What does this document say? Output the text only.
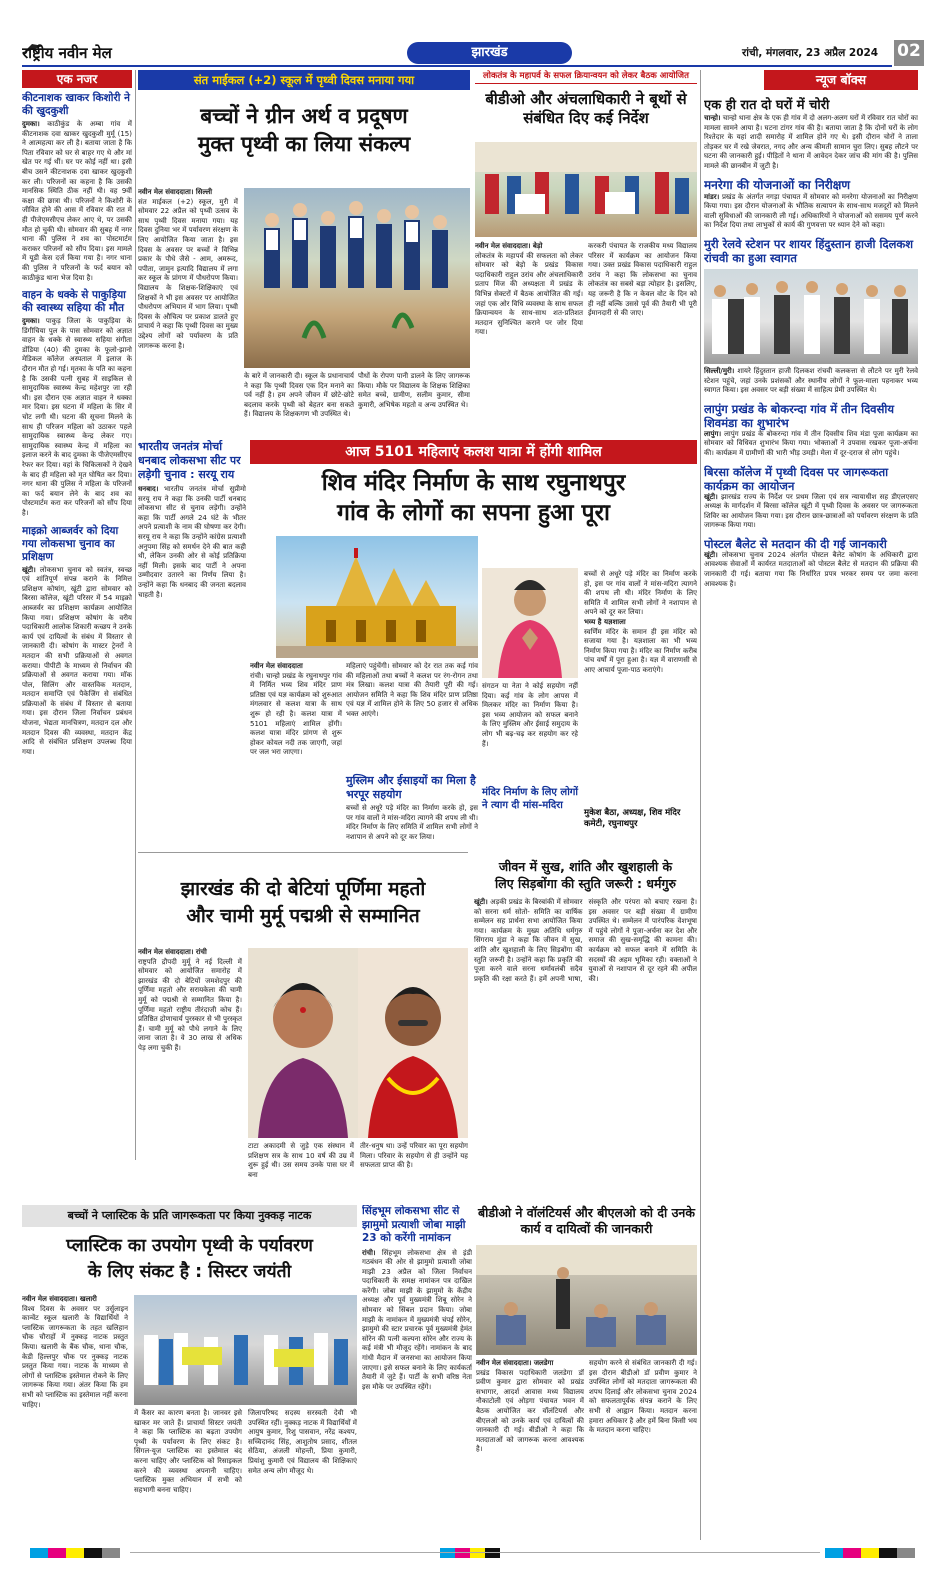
राष्ट्रीय नवीन मेल	झारखंड	रांची, मंगलवार, 23 अप्रैल 2024 02
एक नजर
कीटनाशक खाकर किशोरी ने की खुदकुशी
दुमका। काठीकुंड के अम्बा गांव में कीटनाशक दवा खाकर खुदकुशी मुर्मू (15) ने आत्महत्या कर ली है। बताया जाता है कि पिता रविवार को घर से बाहर गए थे और मां खेत पर गई थीं। घर पर कोई नहीं था। इसी बीच उसने कीटनाशक दवा खाकर खुदकुशी कर ली। परिजनों का कहना है कि उसकी मानसिक स्थिति ठीक नहीं थी। वह 9वीं कक्षा की छात्रा थी। परिजनों ने किशोरी के जीवित होने की आस में रविवार की रात में ही पीजेएमसीएच लेकर आए थे, पर उसकी मौत हो चुकी थी। सोमवार की सुबह में नगर थाना की पुलिस ने शव का पोस्टमार्टम कराकर परिजनों को सौंप दिया। इस मामले में यूडी केस दर्ज किया गया है। नगर थाना की पुलिस ने परिजनों के फर्द बयान को काठीकुंड थाना भेज दिया है।
वाहन के धक्के से पाकुड़िया की स्वास्थ्य सहिया की मौत
दुमका। पाकुड़ जिला के पाकुड़िया के डिंगीचिया पुल के पास सोमवार को अज्ञात वाहन के धक्के से स्वास्थ्य सहिया संगीता डोंडिया (40) की दुमका के फूलो-झानो मेडिकल कॉलेज अस्पताल में इलाज के दौरान मौत हो गई। मृतका के पति का कहना है कि उसकी पत्नी सुबह में साइकिल से सामुदायिक स्वास्थ्य केन्द्र महेशपुर जा रही थी। इस दौरान एक अज्ञात वाहन ने धक्का मार दिया। इस घटना में महिला के सिर में चोट लगी थी। घटना की सूचना मिलने के साथ ही परिजन महिला को उठाकर पहले सामुदायिक स्वास्थ्य केन्द्र लेकर गए। सामुदायिक स्वास्थ्य केन्द्र में महिला का इलाज करने के बाद दुमका के पीजेएमसीएच रेफर कर दिया। वहां के चिकित्सकों ने देखने के बाद ही महिला को मृत घोषित कर दिया। नगर थाना की पुलिस ने महिला के परिजनों का फर्द बयान लेने के बाद शव का पोस्टमार्टम करा कर परिजनों को सौंप दिया है।
माइक्रो आब्जर्वर को दिया गया लोकसभा चुनाव का प्रशिक्षण
खूंटी। लोकसभा चुनाव को स्वतंत्र, स्वच्छ एवं शांतिपूर्ण संपन्न कराने के निमित्त प्रशिक्षण कोषांग, खूंटी द्वारा सोमवार को बिरसा कॉलेज, खूंटी परिसर में 54 माइक्रो आब्जर्वर का प्रशिक्षण कार्यक्रम आयोजित किया गया। प्रशिक्षण कोषांग के वरीय पदाधिकारी आलोक शिकारी कच्छप ने उनके कार्य एवं दायित्वों के संबंध में विस्तार से जानकारी दी। कोषांग के मास्टर ट्रेनरों ने मतदान की सभी प्रक्रियाओं से अवगत कराया। पीपीटी के माध्यम से निर्वाचन की प्रक्रियाओं से अवगत कराया गया। मॉक पोल, सिलिंग और वास्तविक मतदान, मतदान समाप्ति एवं पैकेजिंग से संबंधित प्रक्रियाओं के संबंध में विस्तार से बताया गया। इस दौरान जिला निर्वाचन प्रबंधन योजना, भेद्यता मानचित्रण, मतदान दल और मतदान दिवस की व्यवस्था, मतदान केंद्र आदि से संबंधित प्रशिक्षण उपलब्ध दिया गया।
संत माईकल (+2) स्कूल में पृथ्वी दिवस मनाया गया
बच्चों ने ग्रीन अर्थ व प्रदूषण
मुक्त पृथ्वी का लिया संकल्प
नवीन मेल संवाददाता। सिल्ली
संत माईकल (+2) स्कूल, मुरी में सोमवार 22 अप्रैल को पृथ्वी उत्सव के साथ पृथ्वी दिवस मनाया गया। यह दिवस दुनिया भर में पर्यावरण संरक्षण के लिए आयोजित किया जाता है। इस दिवस के अवसर पर बच्चों ने विभिन्न प्रकार के पौधे जैसे - आम, अमरूद, पपीता, जामुन इत्यादि विद्यालय में लगा कर स्कूल के प्रांगण में पौधरोपण किया। विद्यालय के शिक्षक-शिक्षिकाएं एवं शिक्षकों ने भी इस अवसर पर आयोजित पौधरोपण अभियान में भाग लिया। पृथ्वी दिवस के औचित्य पर प्रकाश डालते हुए प्राचार्य ने कहा कि पृथ्वी दिवस का मुख्य उद्देश्य लोगों को पर्यावरण के प्रति जागरूक करना है।
के बारे में जानकारी दी। स्कूल के प्रधानाचार्य ने कहा कि पृथ्वी दिवस एक दिन मनाने का पर्व नहीं है। हम अपने जीवन में छोटे-छोटे बदलाव करके पृथ्वी को बेहतर बना सकते हैं। विद्यालय के शिक्षकगण भी उपस्थित थे।
पौधों के रोपण पानी डालने के लिए जागरूक किया। मौके पर विद्यालय के शिक्षक शिक्षिका समेत बच्चे, ग्रामीण, सलीम कुमार, सीमा कुमारी, अभिषेक महतो व अन्य उपस्थित थे।
लोकतंत्र के महापर्व के सफल क्रियान्वयन को लेकर बैठक आयोजित
बीडीओ और अंचलाधिकारी ने बूथों से संबंधित दिए कई निर्देश
नवीन मेल संवाददाता। बेड़ो
लोकतंत्र के महापर्व की सफलता को लेकर सोमवार को बेड़ो के प्रखंड विकास पदाधिकारी राहुल उरांव और अंचलाधिकारी प्रताप मिंज की अध्यक्षता में प्रखंड के विभिन्न सेक्टरों में बैठक आयोजित की गई। जहां एक ओर विधि व्यवस्था के साथ सफल क्रियान्वयन के साथ-साथ शत-प्रतिशत मतदान सुनिश्चित कराने पर जोर दिया गया।
करकरी पंचायत के राजकीय मध्य विद्यालय परिसर में कार्यक्रम का आयोजन किया गया। उक्त प्रखंड विकास पदाधिकारी राहुल उरांव ने कहा कि लोकसभा का चुनाव लोकतंत्र का सबसे बड़ा त्योहार है। इसलिए, यह जरूरी है कि न केवल वोट के दिन को ही नहीं बल्कि उससे पूर्व की तैयारी भी पूरी ईमानदारी से की जाए।
न्यूज बॉक्स
एक ही रात दो घरों में चोरी
चान्हो। चान्हो थाना क्षेत्र के एक ही गांव में दो अलग-अलग घरों में रविवार रात चोरों का मामला सामने आया है। घटना टांगर गांव की है। बताया जाता है कि दोनों घरों के लोग रिश्तेदार के यहां शादी समारोह में शामिल होने गए थे। इसी दौरान चोरों ने ताला तोड़कर घर में रखे जेवरात, नगद और अन्य कीमती सामान चुरा लिए। सुबह लौटने पर घटना की जानकारी हुई। पीड़ितों ने थाना में आवेदन देकर जांच की मांग की है। पुलिस मामले की छानबीन में जुटी है।
मनरेगा की योजनाओं का निरीक्षण
मांडर। प्रखंड के अंतर्गत नगड़ा पंचायत में सोमवार को मनरेगा योजनाओं का निरीक्षण किया गया। इस दौरान योजनाओं के भौतिक सत्यापन के साथ-साथ मजदूरों को मिलने वाली सुविधाओं की जानकारी ली गई। अधिकारियों ने योजनाओं को ससमय पूर्ण करने का निर्देश दिया तथा लाभुकों से कार्य की गुणवत्ता पर ध्यान देने को कहा।
मुरी रेलवे स्टेशन पर शायर हिंदुस्तान हाजी दिलकश रांचवी का हुआ स्वागत
सिल्ली/मुरी। शायरे हिंदुस्तान हाजी दिलकश रांचवी कलकत्ता से लौटने पर मुरी रेलवे स्टेशन पहुंचे, जहां उनके प्रशंसकों और स्थानीय लोगों ने फूल-माला पहनाकर भव्य स्वागत किया। इस अवसर पर बड़ी संख्या में साहित्य प्रेमी उपस्थित थे।
लापुंग प्रखंड के बोकरन्दा गांव में तीन दिवसीय शिवमंडा का शुभारंभ
लापुंग। लापुंग प्रखंड के बोकरन्दा गांव में तीन दिवसीय शिव मंडा पूजा कार्यक्रम का सोमवार को विधिवत शुभारंभ किया गया। भोक्ताओं ने उपवास रखकर पूजा-अर्चना की। कार्यक्रम में ग्रामीणों की भारी भीड़ उमड़ी। मेला में दूर-दराज से लोग पहुंचे।
बिरसा कॉलेज में पृथ्वी दिवस पर जागरूकता कार्यक्रम का आयोजन
खूंटी। झारखंड राज्य के निर्देश पर प्रथम जिला एवं सत्र न्यायाधीश सह डीएलएसए अध्यक्ष के मार्गदर्शन में बिरसा कॉलेज खूंटी में पृथ्वी दिवस के अवसर पर जागरूकता शिविर का आयोजन किया गया। इस दौरान छात्र-छात्राओं को पर्यावरण संरक्षण के प्रति जागरूक किया गया।
पोस्टल बैलेट से मतदान की दी गई जानकारी
खूंटी। लोकसभा चुनाव 2024 अंतर्गत पोस्टल बैलेट कोषांग के अधिकारी द्वारा आवश्यक सेवाओं में कार्यरत मतदाताओं को पोस्टल बैलेट से मतदान की प्रक्रिया की जानकारी दी गई। बताया गया कि निर्धारित प्रपत्र भरकर समय पर जमा करना आवश्यक है।
भारतीय जनतंत्र मोर्चा धनबाद लोकसभा सीट पर लड़ेगी चुनाव : सरयू राय
धनबाद। भारतीय जनतंत्र मोर्चा सुप्रीमो सरयू राय ने कहा कि उनकी पार्टी धनबाद लोकसभा सीट से चुनाव लड़ेगी। उन्होंने कहा कि पार्टी अगले 24 घंटे के भीतर अपने प्रत्याशी के नाम की घोषणा कर देगी। सरयू राय ने कहा कि उन्होंने कांग्रेस प्रत्याशी अनुपमा सिंह को समर्थन देने की बात कही थी, लेकिन उनकी ओर से कोई प्रतिक्रिया नहीं मिली। इसके बाद पार्टी ने अपना उम्मीदवार उतारने का निर्णय लिया है। उन्होंने कहा कि धनबाद की जनता बदलाव चाहती है।
आज 5101 महिलाएं कलश यात्रा में होंगी शामिल
शिव मंदिर निर्माण के साथ रघुनाथपुर
गांव के लोगों का सपना हुआ पूरा
नवीन मेल संवाददाता
रांची। चान्हो प्रखंड के रघुनाथपुर गांव में निर्मित भव्य शिव मंदिर प्राण प्रतिष्ठा एवं यज्ञ कार्यक्रम को शुरुआत मंगलवार से कलश यात्रा के साथ शुरू हो रही है। कलश यात्रा में 5101 महिलाएं शामिल होंगी। कलश यात्रा मंदिर प्रांगण से शुरू होकर कोयल नदी तक जाएगी, जहां पर जल भरा जाएगा।
महिलाएं पहुंचेंगी। सोमवार को देर रात तक कई गांव की महिलाओं तथा बच्चों ने कलश पर रंग-रोगन तथा मंत्र लिखा। कलश यात्रा की तैयारी पूरी की गई। आयोजन समिति ने कहा कि शिव मंदिर प्राण प्रतिष्ठा एवं यज्ञ में शामिल होने के लिए 50 हजार से अधिक भक्त आएंगे।
मुस्लिम और ईसाइयों का मिला है भरपूर सहयोग
बच्चों से अधूरे पड़े मंदिर का निर्माण करके हो, इस पर गांव वालों ने मांस-मदिरा त्यागने की शपथ ली थी। मंदिर निर्माण के लिए समिति में शामिल सभी लोगों ने नशापान से अपने को दूर कर लिया।
संगठन या नेता ने कोई सहयोग नहीं दिया। कई गांव के लोग आपस में मिलकर मंदिर का निर्माण किया है। इस भव्य आयोजन को सफल बनाने के लिए मुस्लिम और ईसाई समुदाय के लोग भी बढ़-चढ़ कर सहयोग कर रहे हैं।
मंदिर निर्माण के लिए लोगों ने त्याग दी मांस-मदिरा
बच्चों से अधूरे पड़े मंदिर का निर्माण करके हो, इस पर गांव वालों ने मांस-मदिरा त्यागने की शपथ ली थी। मंदिर निर्माण के लिए समिति में शामिल सभी लोगों ने नशापान से अपने को दूर कर लिया।
भव्य है यज्ञशाला
स्वर्णिम मंदिर के समान ही इस मंदिर को सजाया गया है। यज्ञशाला का भी भव्य निर्माण किया गया है। मंदिर का निर्माण करीब पांच वर्षों में पूरा हुआ है। यज्ञ में वाराणसी से आए आचार्य पूजा-पाठ कराएंगे।
मुकेश बैठा, अध्यक्ष, शिव मंदिर कमेटी, रघुनाथपुर
झारखंड की दो बेटियां पूर्णिमा महतो
और चामी मुर्मू पद्मश्री से सम्मानित
नवीन मेल संवाददाता। रांची
राष्ट्रपति द्रौपदी मुर्मू ने नई दिल्ली में सोमवार को आयोजित समारोह में झारखंड की दो बेटियों जमशेदपुर की पूर्णिमा महतो और सरायकेला की चामी मुर्मू को पद्मश्री से सम्मानित किया है। पूर्णिमा महतो राष्ट्रीय तीरंदाजी कोच हैं। प्रतिष्ठित द्रोणाचार्य पुरस्कार से भी पुरस्कृत हैं। चामी मुर्मू को पौधे लगाने के लिए जाना जाता है। वे 30 लाख से अधिक पेड़ लगा चुकी हैं।
टाटा अकादमी से जुड़े एक संस्थान में प्रशिक्षण सत्र के साथ 10 वर्ष की उम्र में शुरू हुई थी। उस समय उनके पास घर में बना
तीर-धनुष था। उन्हें परिवार का पूरा सहयोग मिला। परिवार के सहयोग से ही उन्होंने यह सफलता प्राप्त की है।
जीवन में सुख, शांति और खुशहाली के
लिए सिड़बोंगा की स्तुति जरूरी : धर्मगुरु
खूंटी। अड़की प्रखंड के बिरबांकी में सोमवार को सरना धर्म सोतो- समिति का वार्षिक सम्मेलन सह प्रार्थना सभा आयोजित किया गया। कार्यक्रम के मुख्य अतिथि धर्मगुरु सिंगराय मुंडा ने कहा कि जीवन में सुख, शांति और खुशहाली के लिए सिड़बोंगा की स्तुति जरूरी है। उन्होंने कहा कि प्रकृति की पूजा करने वाले सरना धर्मावलंबी सदैव प्रकृति की रक्षा करते हैं। हमें अपनी भाषा, संस्कृति और परंपरा को बचाए रखना है। इस अवसर पर बड़ी संख्या में ग्रामीण उपस्थित थे। सम्मेलन में पारंपरिक वेशभूषा में पहुंचे लोगों ने पूजा-अर्चना कर देश और समाज की सुख-समृद्धि की कामना की। कार्यक्रम को सफल बनाने में समिति के सदस्यों की अहम भूमिका रही। वक्ताओं ने युवाओं से नशापान से दूर रहने की अपील की।
बच्चों ने प्लास्टिक के प्रति जागरूकता पर किया नुक्कड़ नाटक
प्लास्टिक का उपयोग पृथ्वी के पर्यावरण
के लिए संकट है : सिस्टर जयंती
नवीन मेल संवाददाता। खलारी
विश्व दिवस के अवसर पर उर्सुलाइन कान्वेंट स्कूल खलारी के विद्यार्थियों ने प्लास्टिक जागरूकता के तहत खलिहान चौक चौराहों में नुक्कड़ नाटक प्रस्तुत किया। खलारी के बैंक चौक, थाना चौक, केडी हिल्लपुर चौक पर नुक्कड़ नाटक प्रस्तुत किया गया। नाटक के माध्यम से लोगों से प्लास्टिक इस्तेमाल रोकने के लिए जागरूक किया गया। अंतर किया कि हम सभी को प्लास्टिक का इस्तेमाल नहीं करना चाहिए।
में कैंसर का कारण बनता है। जानवर इसे खाकर मर जाते हैं। प्राचार्या सिस्टर जयंती ने कहा कि प्लास्टिक का बढ़ता उपयोग पृथ्वी के पर्यावरण के लिए संकट है। सिंगल-यूज प्लास्टिक का इस्तेमाल बंद करना चाहिए और प्लास्टिक को रिसाइकल करने की व्यवस्था अपनानी चाहिए। प्लास्टिक मुक्त अभियान में सभी को सहभागी बनना चाहिए।
जिलापरिषद सदस्य सरस्वती देवी भी उपस्थित रहीं। नुक्कड़ नाटक में विद्यार्थियों में आयुष कुमार, रिशु पासवान, नरेंद्र कश्यप, सच्चिदानंद सिंह, आशुतोष प्रसाद, शीतल सेठिया, अंजली मोहन्ती, प्रिया कुमारी, प्रियांशु कुमारी एवं विद्यालय की शिक्षिकाएं समेत अन्य लोग मौजूद थे।
सिंहभूम लोकसभा सीट से झामुमो प्रत्याशी जोबा माझी 23 को करेंगी नामांकन
रांची। सिंहभूम लोकसभा क्षेत्र से इंडी गठबंधन की ओर से झामुमो प्रत्याशी जोबा माझी 23 अप्रैल को जिला निर्वाचन पदाधिकारी के समक्ष नामांकन पत्र दाखिल करेंगी। जोबा माझी के झामुमो के केंद्रीय अध्यक्ष और पूर्व मुख्यमंत्री शिबू सोरेन ने सोमवार को सिंबल प्रदान किया। जोबा माझी के नामांकन में मुख्यमंत्री चंपई सोरेन, झामुमो की स्टार प्रचारक पूर्व मुख्यमंत्री हेमंत सोरेन की पत्नी कल्पना सोरेन और राज्य के कई मंत्री भी मौजूद रहेंगे। नामांकन के बाद गांधी मैदान में जनसभा का आयोजन किया जाएगा। इसे सफल बनाने के लिए कार्यकर्ता तैयारी में जुटे हैं। पार्टी के सभी वरिष्ठ नेता इस मौके पर उपस्थित रहेंगे।
बीडीओ ने वॉलंटियर्स और बीएलओ को दी उनके कार्य व दायित्वों की जानकारी
नवीन मेल संवाददाता। जलडेगा
प्रखंड विकास पदाधिकारी जलडेगा डॉ प्रवीण कुमार द्वारा सोमवार को प्रखंड सभागार, आदर्श आवास मध्य विद्यालय नौकाटोली एवं ओड़गा पंचायत भवन में बैठक आयोजित कर वॉलंटियर्स और बीएलओ को उनके कार्य एवं दायित्वों की जानकारी दी गई। बीडीओ ने कहा कि मतदाताओं को जागरूक करना आवश्यक है।
सहयोग करने से संबंधित जानकारी दी गई। इस दौरान बीडीओ डॉ प्रवीण कुमार ने उपस्थित लोगों को मतदाता जागरूकता की शपथ दिलाई और लोकसभा चुनाव 2024 को सफलतापूर्वक संपन्न कराने के लिए सभी से आह्वान किया। मतदान करना हमारा अधिकार है और हमें बिना किसी भय के मतदान करना चाहिए।
